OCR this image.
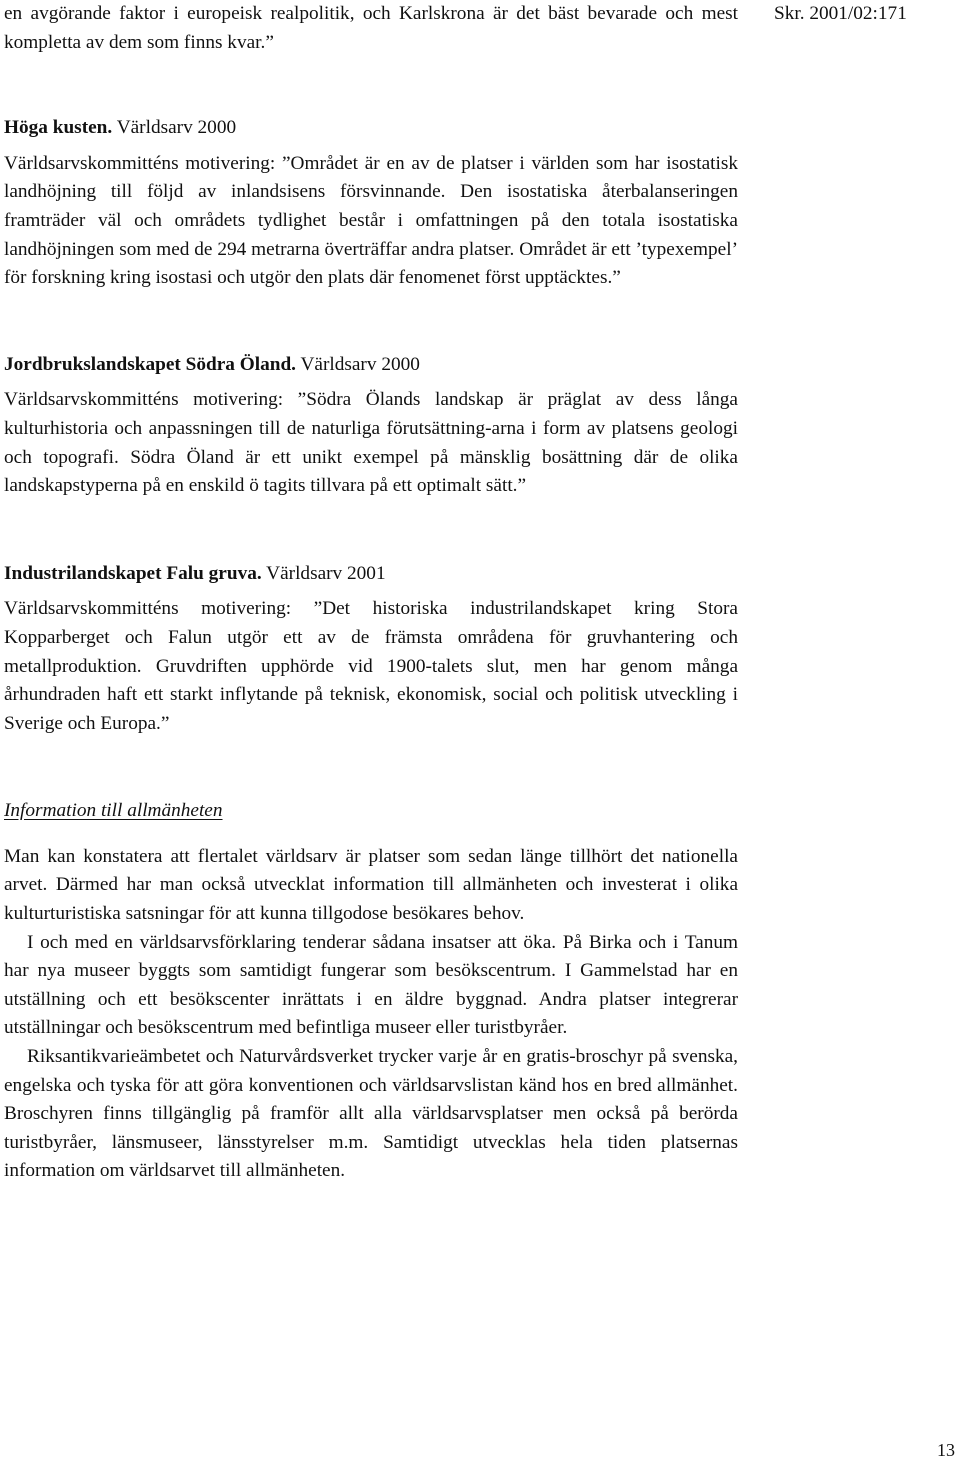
Skr. 2001/02:171

en avgörande faktor i europeisk realpolitik, och Karlskrona är det bäst bevarade och mest kompletta av dem som finns kvar.”

Höga kusten. Världsarv 2000

Världsarvskommitténs motivering: ”Området är en av de platser i världen som har isostatisk landhöjning till följd av inlandsisens försvinnande. Den isostatiska återbalanseringen framträder väl och områdets tydlighet består i omfattningen på den totala isostatiska landhöjningen som med de 294 metrarna överträffar andra platser. Området är ett ’typexempel’ för forskning kring isostasi och utgör den plats där fenomenet först upptäcktes.”

Jordbrukslandskapet Södra Öland. Världsarv 2000

Världsarvskommitténs motivering: ”Södra Ölands landskap är präglat av dess långa kulturhistoria och anpassningen till de naturliga förutsättning-arna i form av platsens geologi och topografi. Södra Öland är ett unikt exempel på mänsklig bosättning där de olika landskapstyperna på en enskild ö tagits tillvara på ett optimalt sätt.”

Industrilandskapet Falu gruva. Världsarv 2001

Världsarvskommitténs motivering: ”Det historiska industrilandskapet kring Stora Kopparberget och Falun utgör ett av de främsta områdena för gruvhantering och metallproduktion. Gruvdriften upphörde vid 1900-talets slut, men har genom många århundraden haft ett starkt inflytande på teknisk, ekonomisk, social och politisk utveckling i Sverige och Europa.”

Information till allmänheten

Man kan konstatera att flertalet världsarv är platser som sedan länge tillhört det nationella arvet. Därmed har man också utvecklat information till allmänheten och investerat i olika kulturturistiska satsningar för att kunna tillgodose besökares behov.

I och med en världsarvsförklaring tenderar sådana insatser att öka. På Birka och i Tanum har nya museer byggts som samtidigt fungerar som besökscentrum. I Gammelstad har en utställning och ett besökscenter inrättats i en äldre byggnad. Andra platser integrerar utställningar och besökscentrum med befintliga museer eller turistbyråer.

Riksantikvarieämbetet och Naturvårdsverket trycker varje år en gratis-broschyr på svenska, engelska och tyska för att göra konventionen och världsarvslistan känd hos en bred allmänhet. Broschyren finns tillgänglig på framför allt alla världsarvsplatser men också på berörda turistbyråer, länsmuseer, länsstyrelser m.m. Samtidigt utvecklas hela tiden platsernas information om världsarvet till allmänheten.

13
